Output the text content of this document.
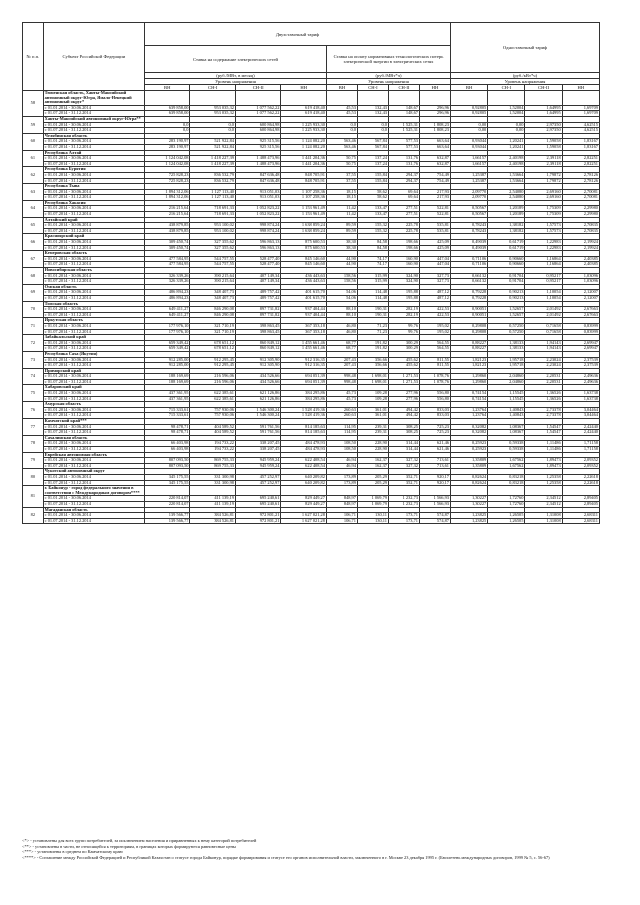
№ п.п.	Субъект Российской Федерации	Двухставочный тариф								Одноставочный тариф			
		Ставка на содержание электрических сетей				Ставка на оплату нормативных технологических потерь электрической энергии в электрических сетях							
		(руб./МВт, в месяц)				(руб./МВт*ч)				(руб./кВт*ч)			
		Уровень напряжения				Уровень напряжения				Уровень напряжения			
		ВН	СН-I	СН-II	НН	ВН	СН-I	СН-II	НН	ВН	СН-I	СН-II	НН
58	Тюменская область, Ханты-Мансийский автономный округ-Югра, Ямало-Ненецкий автономный округ*												
	с 01.01.2014 - 30.06.2014	639 858,00	953 035,32	1 077 562,22	619 418,40	45,53	132,43	148,67	296,96	0,92805	1,52004	1,64995	1,69709
	с 01.07.2014 - 31.12.2014	639 858,00	953 035,32	1 077 562,22	619 418,40	45,53	132,43	148,67	296,96	0,92805	1,52004	1,64995	1,69709
59	Ханты-Мансийский автономный округ-Югра**												
	с 01.01.2014 - 30.06.2014	0,0	0,0	600 864,98	1 225 933,30	0,0	0,0	1 525,31	1 808,23	0,00	0,00	2,97350	4,62515
	с 01.07.2014 - 31.12.2014	0,0	0,0	600 864,98	1 225 933,30	0,0	0,0	1 525,31	1 808,23	0,00	0,00	2,97350	4,62515
60	Челябинская область												
	с 01.01.2014 - 30.06.2014	283 190,97	521 922,84	925 315,56	1 124 082,20	563,46	567,84	577,53	663,64	0,93044	1,20241	1,59058	1,83167
	с 01.07.2014 - 31.12.2014	283 190,97	521 922,84	925 315,56	1 124 082,20	563,46	567,84	577,53	663,64	0,93044	1,20241	1,59058	1,83167
61	Республика Алтай												
	с 01.01.2014 - 30.06.2014	1 124 042,08	1 418 227,39	1 488 473,96	1 441 204,36	50,75	137,24	131,76	632,87	1,66157	2,40198	2,39118	2,82251
	с 01.07.2014 - 31.12.2014	1 124 042,08	1 418 227,39	1 488 473,96	1 441 204,36	50,75	137,24	131,76	632,87	1,66157	2,40198	2,39118	2,82251
62	Республика Бурятия												
	с 01.01.2014 - 30.06.2014	725 828,23	836 532,79	847 636,48	848 705,91	37,55	155,84	294,37	754,49	1,25387	1,53664	1,79872	2,78126
	с 01.07.2014 - 31.12.2014	725 828,23	836 532,79	847 636,48	848 705,91	37,55	155,84	294,37	754,49	1,25387	1,53664	1,79872	2,78126
63	Республика Тыва												
	с 01.01.2014 - 30.06.2014	1 894 312,06	1 127 113,40	913 051,03	1 107 258,36	18,15	58,62	69,64	217,93	2,09770	2,54080	2,69160	2,70081
	с 01.07.2014 - 31.12.2014	1 894 312,06	1 127 113,40	913 051,03	1 107 258,36	18,15	58,62	69,64	217,93	2,09770	2,54080	2,69160	2,70081
64	Республика Хакасия												
	с 01.01.2014 - 30.06.2014	216 215,64	718 691,33	1 052 823,22	1 153 961,49	11,42	133,47	277,51	522,81	0,50567	1,20189	1,75309	2,29980
	с 01.07.2014 - 31.12.2014	216 215,64	718 691,33	1 052 823,22	1 153 961,49	11,42	133,47	277,51	522,81	0,50567	1,20189	1,75309	2,29980
65	Алтайский край												
	с 01.01.2014 - 30.06.2014	438 879,85	953 100,02	998 874,24	1 638 859,24	89,59	155,32	225,78	535,81	0,78243	1,38182	1,57573	2,70835
	с 01.07.2014 - 31.12.2014	438 879,85	953 100,02	998 874,24	1 638 859,24	89,59	155,32	225,78	535,81	0,78243	1,38182	1,57573	2,70835
66	Красноярский край												
	с 01.01.2014 - 30.06.2014	309 450,74	327 355,62	596 863,13	875 600,53	38,30	84,58	198,66	425,09	0,49039	0,61719	1,22983	2,19924
	с 01.07.2014 - 31.12.2014	309 450,74	327 355,62	596 863,13	875 600,53	38,30	84,58	198,66	425,09	0,49039	0,61719	1,22983	2,19924
67	Кемеровская область												
	с 01.01.2014 - 30.06.2014	477 584,95	544 757,55	528 477,40	845 146,60	44,90	74,17	160,90	447,04	0,71106	0,90660	1,16864	2,40385
	с 01.07.2014 - 31.12.2014	477 584,95	544 757,55	528 477,40	845 146,60	44,90	74,17	160,90	447,04	0,71106	0,90660	1,16864	2,40385
68	Новосибирская область												
	с 01.01.2014 - 30.06.2014	326 339,26	390 215,64	407 149,34	436 443,63	158,56	315,99	324,90	327,73	0,66132	0,91704	0,95217	1,03096
	с 01.07.2014 - 31.12.2014	326 339,26	390 215,64	407 149,34	436 443,63	158,56	315,99	324,90	327,73	0,66132	0,91704	0,95217	1,03096
69	Омская область												
	с 01.01.2014 - 30.06.2014	486 894,23	348 407,73	489 757,42	401 615,70	54,06	114,48	195,88	487,12	0,79228	0,90213	1,10054	2,12007
	с 01.07.2014 - 31.12.2014	486 894,23	348 407,73	489 757,42	401 615,70	54,06	114,48	195,88	487,12	0,79228	0,90213	1,10054	2,12007
70	Томская область												
	с 01.01.2014 - 30.06.2014	649 411,27	846 290,08	897 731,82	937 404,44	88,10	190,31	282,19	422,53	0,90051	1,52657	2,01492	2,67663
	с 01.07.2014 - 31.12.2014	649 411,27	846 290,08	897 731,82	937 404,44	88,10	190,31	282,19	422,53	0,90051	1,52657	2,01492	2,67663
71	Иркутская область												
	с 01.01.2014 - 30.06.2014	177 976,10	321 710,19	398 863,45	367 353,18	46,80	71,23	99,76	195,02	0,29808	0,57250	0,71658	0,83999
	с 01.07.2014 - 31.12.2014	177 976,10	321 710,19	398 863,45	367 353,18	46,80	71,23	99,76	195,02	0,29808	0,57250	0,71658	0,83999
72	Забайкальский край												
	с 01.01.2014 - 30.06.2014	659 349,42	678 651,12	860 849,12	1 455 661,46	68,77	191,82	300,29	564,55	0,88227	1,38133	1,94143	2,69947
	с 01.07.2014 - 31.12.2014	659 349,42	678 651,12	860 849,12	1 455 661,46	68,77	191,82	300,29	564,55	0,88227	1,38133	1,94143	2,69947
73	Республика Саха (Якутия)												
	с 01.01.2014 - 30.06.2014	912 285,00	912 295,45	912 305,90	912 316,35	207,43	356,66	455,62	811,55	1,82123	1,95718	2,23024	2,37539
	с 01.07.2014 - 31.12.2014	912 285,00	912 295,45	912 305,90	912 316,35	207,43	356,66	455,62	811,55	1,82123	1,95718	2,23024	2,37539
74	Приморский край												
	с 01.01.2014 - 30.06.2014	188 169,69	216 596,06	434 526,66	694 051,39	998,48	1 698,01	1 271,53	1 078,76	1,29860	2,04860	2,20531	2,49636
	с 01.07.2014 - 31.12.2014	188 169,69	216 596,06	434 526,66	694 051,39	998,48	1 698,01	1 271,53	1 078,76	1,29860	2,04860	2,20531	2,49636
75	Хабаровский край												
	с 01.01.2014 - 30.06.2014	437 361,95	622 385,61	621 126,86	384 295,86	45,73	109,28	277,96	556,80	0,74154	1,15545	1,36526	1,63738
	с 01.07.2014 - 31.12.2014	437 361,95	622 385,61	621 126,86	384 295,86	45,73	109,28	277,96	556,80	0,74154	1,15545	1,36526	1,63738
76	Амурская область												
	с 01.01.2014 - 30.06.2014	715 333,61	757 930,06	1 546 300,24	1 528 419,36	260,63	361,01	494,42	833,03	1,23764	1,40843	2,73378	3,04464
	с 01.07.2014 - 31.12.2014	715 333,61	757 930,06	1 546 300,24	1 528 419,36	260,63	361,01	494,42	833,03	1,23764	1,40843	2,73378	3,04464
77	Камчатский край***												
	с 01.01.2014 - 30.06.2014	98 478,71	404 589,52	591 761,56	814 185,63	114,95	239,31	308,25	725,23	0,32082	1,08367	1,54547	2,42440
	с 01.07.2014 - 31.12.2014	98 478,71	404 589,52	591 761,56	814 185,63	114,95	239,31	308,25	725,23	0,32082	1,08367	1,54547	2,42440
78	Сахалинская область												
	с 01.01.2014 - 30.06.2014	66 403,98	194 733,22	338 207,45	484 478,93	108,50	228,90	314,44	621,46	0,25923	0,59338	1,11486	1,71158
	с 01.07.2014 - 31.12.2014	66 403,98	194 733,22	338 207,45	484 478,93	108,50	228,90	314,44	621,46	0,25923	0,59338	1,11486	1,71158
79	Еврейская автономная область												
	с 01.01.2014 - 30.06.2014	807 093,50	869 755,33	945 959,24	622 408,54	46,94	162,37	327,32	713,61	1,35809	1,67562	1,89473	2,09352
	с 01.07.2014 - 31.12.2014	807 093,50	869 755,33	945 959,24	622 408,54	46,94	162,37	327,32	713,61	1,35809	1,67562	1,89473	2,09352
80	Чукотский автономный округ												
	с 01.01.2014 - 30.06.2014	345 175,55	331 300,98	457 252,97	640 209,82	173,89	205,29	352,71	920,17	0,82624	0,83218	1,25358	2,22618
	с 01.07.2014 - 31.12.2014	345 175,55	331 300,98	457 252,97	640 209,82	173,89	205,29	352,71	920,17	0,82624	0,83218	1,25358	2,22618
81	г. Байконур - город федерального значения в соответствии с Международным договором****												
	с 01.01.2014 - 30.06.2014	220 814,07	411 139,19	695 240,61	829 449,27	848,97	1 069,79	1 232,73	1 566,93	1,30227	1,72760	2,34512	2,89405
	с 01.07.2014 - 31.12.2014	220 814,07	411 139,19	695 240,61	829 449,27	848,97	1 069,79	1 232,73	1 566,93	1,30227	1,72760	2,34512	2,89405
82	Магаданская область												
	с 01.01.2014 - 30.06.2014	139 566,77	384 526,81	972 801,21	1 627 021,28	106,71	130,11	173,71	574,87	1,23825	1,26505	1,31008	2,68311
	с 01.07.2014 - 31.12.2014	139 566,77	384 526,81	972 801,21	1 627 021,28	106,71	130,11	173,71	574,87	1,23825	1,26505	1,31008	2,68311
<*> - установлены для всех групп потребителей, за исключением населения и приравненных к нему категорий потребителей
<**> - установлены в части, не относящейся к территориям, в границах которых формируются равновесные цены
<***> - установлены в среднем по Камчатскому краю
<****> - Соглашение между Российской Федерацией и Республикой Казахстан о статусе города Байконур, порядке формирования и статусе его органов исполнительной власти, заключенного в г. Москве 23 декабря 1995 г. (Бюллетень международных договоров, 1999 № 5, с. 56-67)
